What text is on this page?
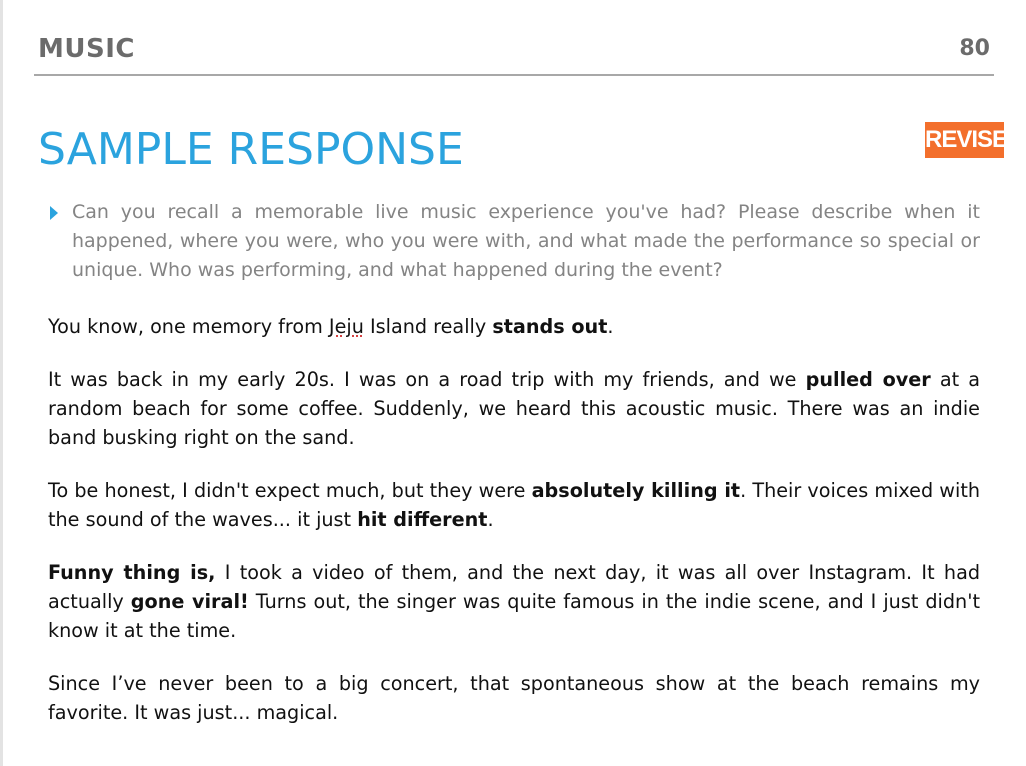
MUSIC	80
SAMPLE RESPONSE	REVISED
Can you recall a memorable live music experience you've had? Please describe when it happened, where you were, who you were with, and what made the performance so special or unique. Who was performing, and what happened during the event?
You know, one memory from Jeju Island really stands out.
It was back in my early 20s. I was on a road trip with my friends, and we pulled over at a random beach for some coffee. Suddenly, we heard this acoustic music. There was an indie band busking right on the sand.
To be honest, I didn't expect much, but they were absolutely killing it. Their voices mixed with the sound of the waves... it just hit different.
Funny thing is, I took a video of them, and the next day, it was all over Instagram. It had actually gone viral! Turns out, the singer was quite famous in the indie scene, and I just didn't know it at the time.
Since I’ve never been to a big concert, that spontaneous show at the beach remains my favorite. It was just... magical.
